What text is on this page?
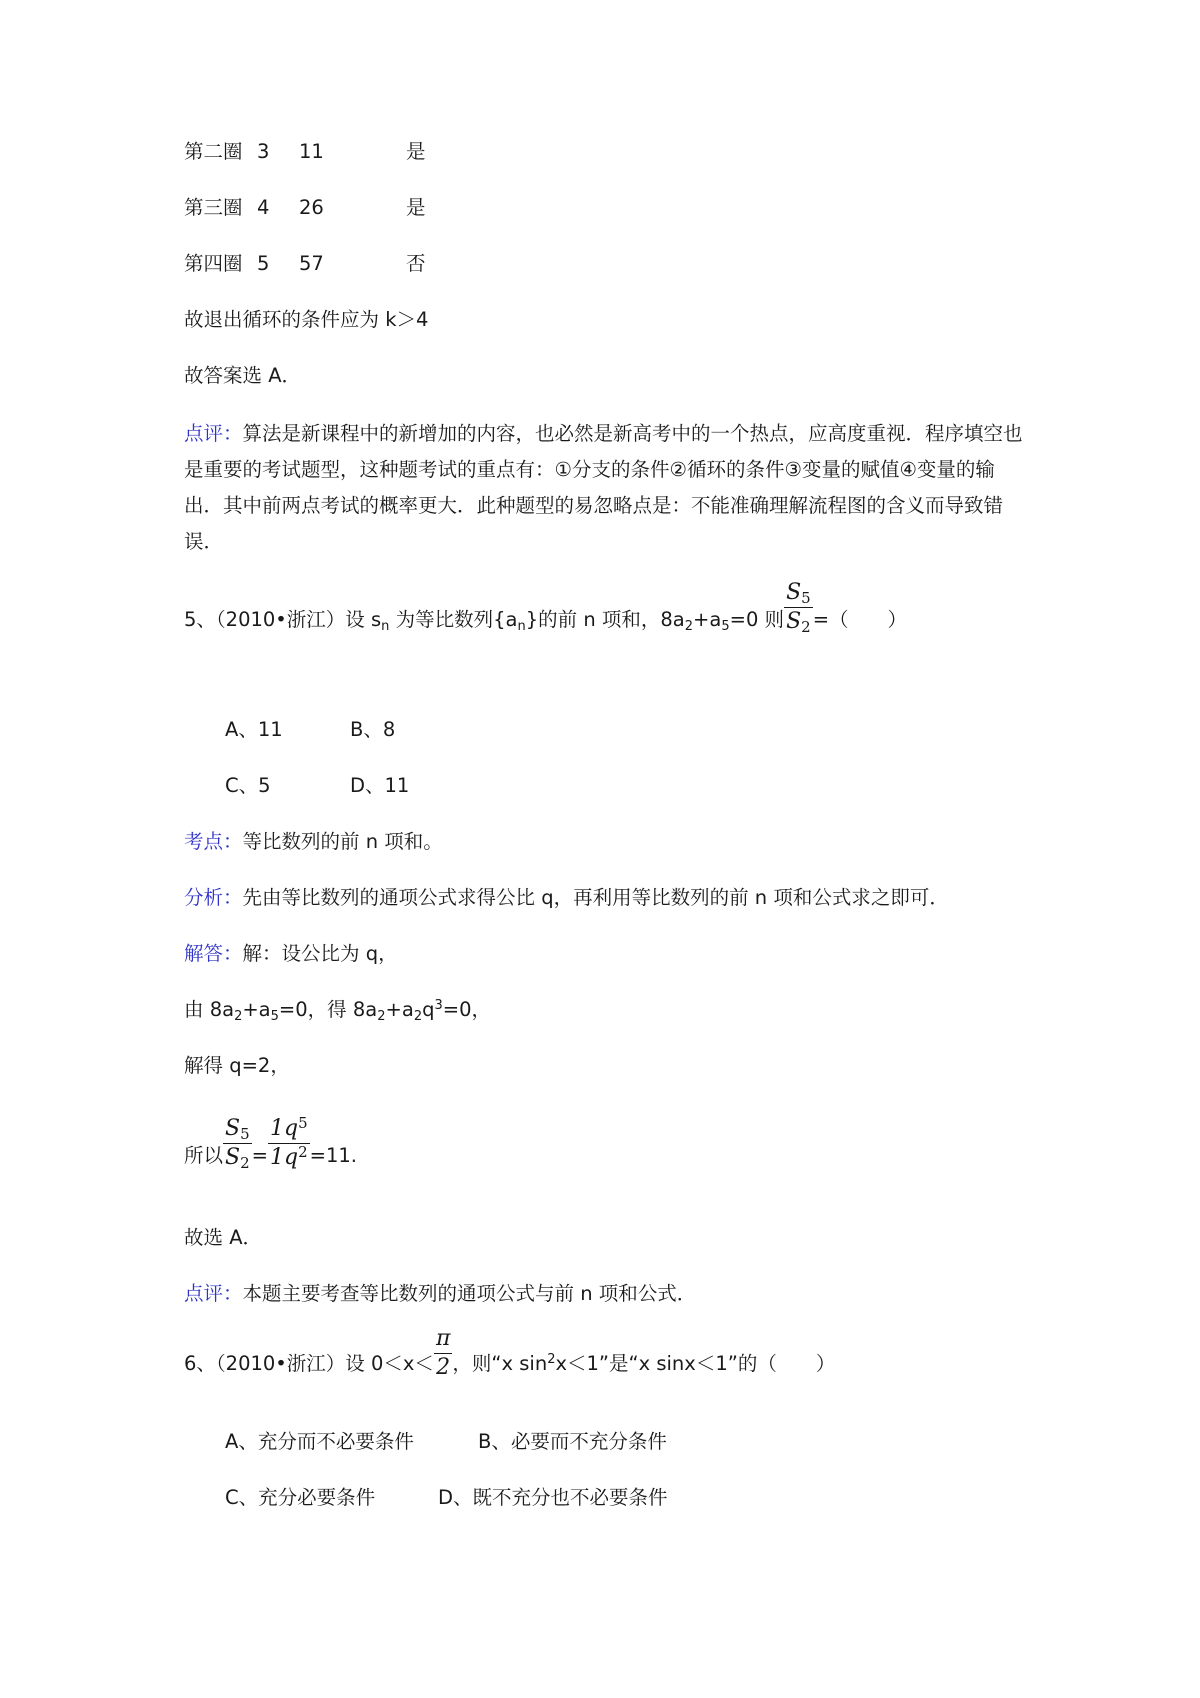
第二圈 3 11	是
第三圈 4 26	是
第四圈 5 57	否
故退出循环的条件应为 k＞4
故答案选 A．
点评：算法是新课程中的新增加的内容，也必然是新高考中的一个热点，应高度重视．程序填空也是重要的考试题型，这种题考试的重点有：①分支的条件②循环的条件③变量的赋值④变量的输出．其中前两点考试的概率更大．此种题型的易忽略点是：不能准确理解流程图的含义而导致错误．
5、（2010•浙江）设 $s_n$ 为等比数列$\{a_n\}$的前 n 项和，$8a_2+a_5=0$ 则 $\frac{S_5}{S_2}$ =（　　）
A、11	B、8
C、5	D、11
考点：等比数列的前 n 项和。
分析：先由等比数列的通项公式求得公比 q，再利用等比数列的前 n 项和公式求之即可．
解答：解：设公比为 q，
由 $8a_2+a_5=0$，得 $8a_2+a_2q^3=0$，
解得 q=2，
所以 $\frac{S_5}{S_2} = \frac{1q^5}{1q^2} =11$.
故选 A．
点评：本题主要考查等比数列的通项公式与前 n 项和公式．
6、（2010•浙江）设 $0<x< \frac{\pi}{2}$ ，则“x $\sin^2x<1$”是“x sinx＜1”的（　　）
A、充分而不必要条件	B、必要而不充分条件
C、充分必要条件	D、既不充分也不必要条件
